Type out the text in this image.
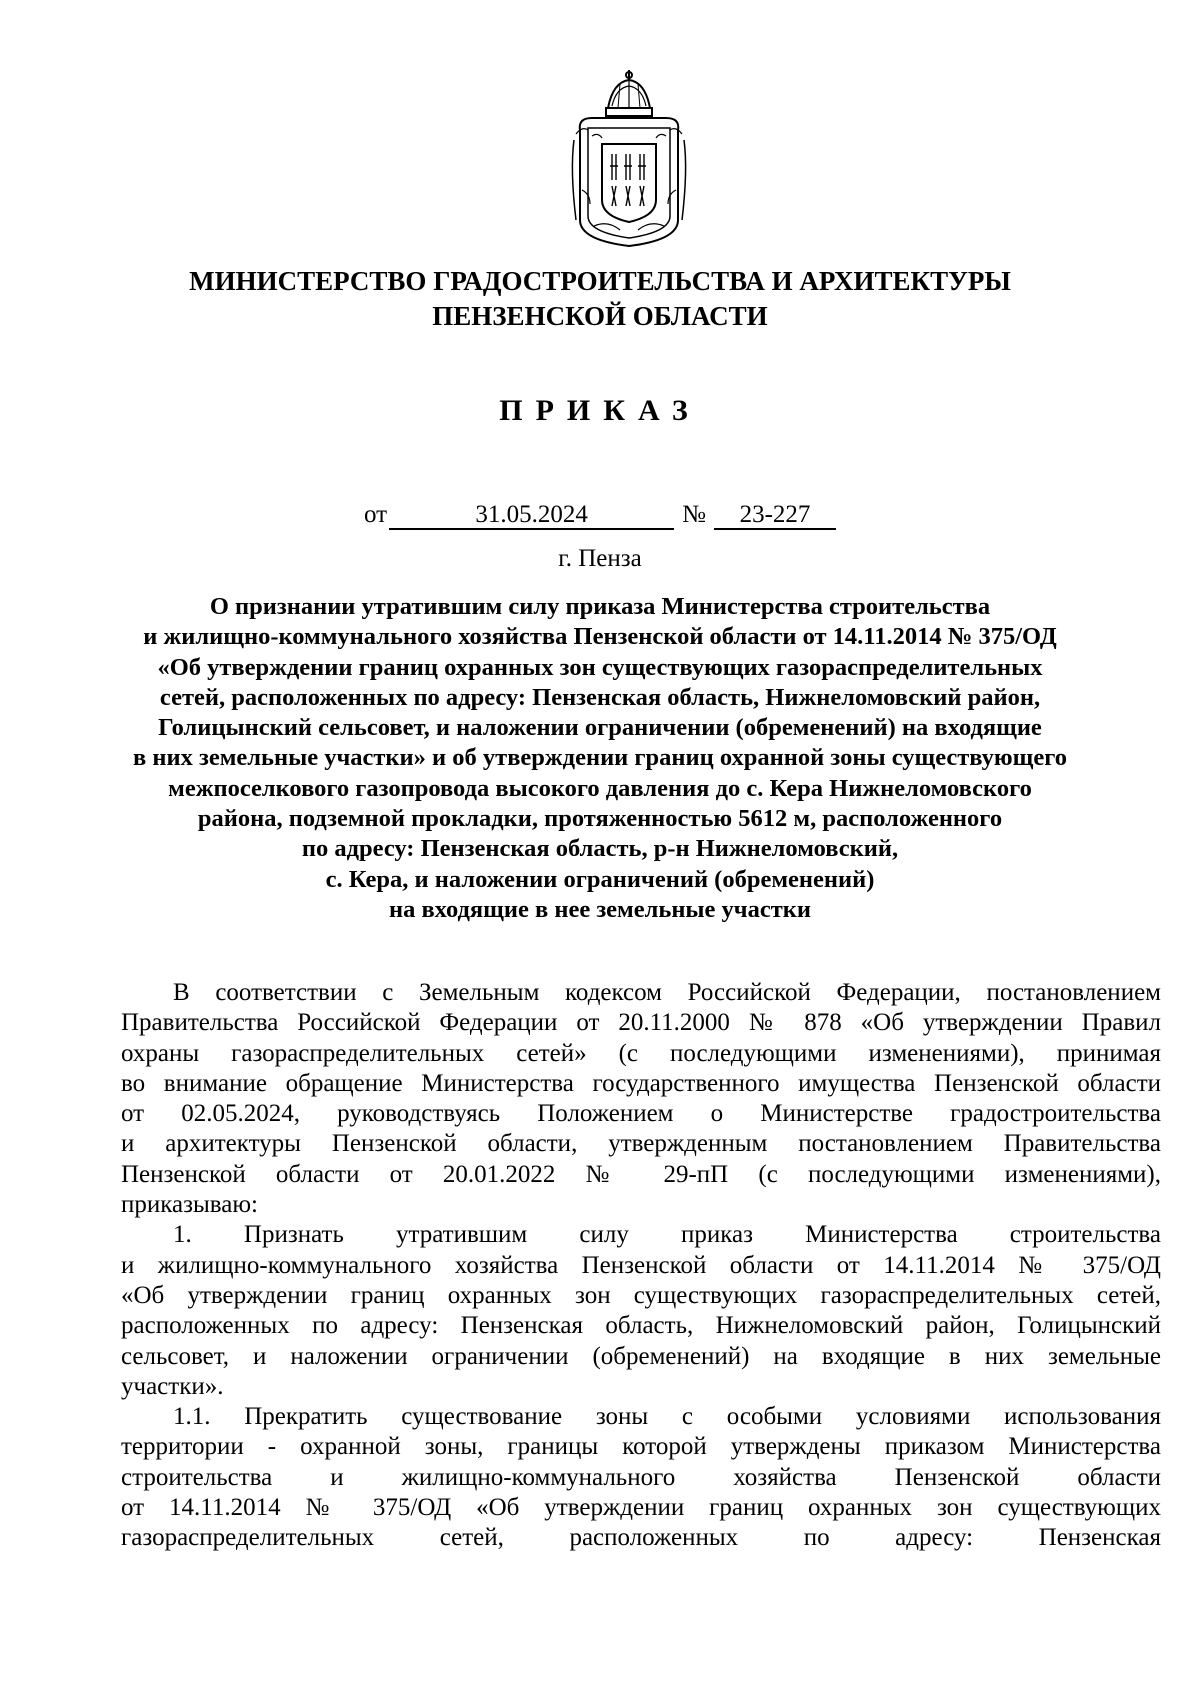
МИНИСТЕРСТВО ГРАДОСТРОИТЕЛЬСТВА И АРХИТЕКТУРЫ
ПЕНЗЕНСКОЙ ОБЛАСТИ
ПРИКАЗ
от	31.05.2024	№ 23-227
г. Пенза
О признании утратившим силу приказа Министерства строительства
и жилищно-коммунального хозяйства Пензенской области от 14.11.2014 № 375/ОД
«Об утверждении границ охранных зон существующих газораспределительных
сетей, расположенных по адресу: Пензенская область, Нижнеломовский район,
Голицынский сельсовет, и наложении ограничении (обременений) на входящие
в них земельные участки» и об утверждении границ охранной зоны существующего
межпоселкового газопровода высокого давления до с. Кера Нижнеломовского
района, подземной прокладки, протяженностью 5612 м, расположенного
по адресу: Пензенская область, р-н Нижнеломовский,
с. Кера, и наложении ограничений (обременений)
на входящие в нее земельные участки
В соответствии с Земельным кодексом Российской Федерации, постановлением
Правительства Российской Федерации от 20.11.2000 № 878 «Об утверждении Правил
охраны газораспределительных сетей» (с последующими изменениями), принимая
во внимание обращение Министерства государственного имущества Пензенской области
от 02.05.2024, руководствуясь Положением о Министерстве градостроительства
и архитектуры Пензенской области, утвержденным постановлением Правительства
Пензенской области от 20.01.2022 № 29-пП (с последующими изменениями),
приказываю:
1. Признать утратившим силу приказ Министерства строительства
и жилищно-коммунального хозяйства Пензенской области от 14.11.2014 № 375/ОД
«Об утверждении границ охранных зон существующих газораспределительных сетей,
расположенных по адресу: Пензенская область, Нижнеломовский район, Голицынский
сельсовет, и наложении ограничении (обременений) на входящие в них земельные
участки».
1.1. Прекратить существование зоны с особыми условиями использования
территории - охранной зоны, границы которой утверждены приказом Министерства
строительства и жилищно-коммунального хозяйства Пензенской области
от 14.11.2014 № 375/ОД «Об утверждении границ охранных зон существующих
газораспределительных сетей, расположенных по адресу: Пензенская
